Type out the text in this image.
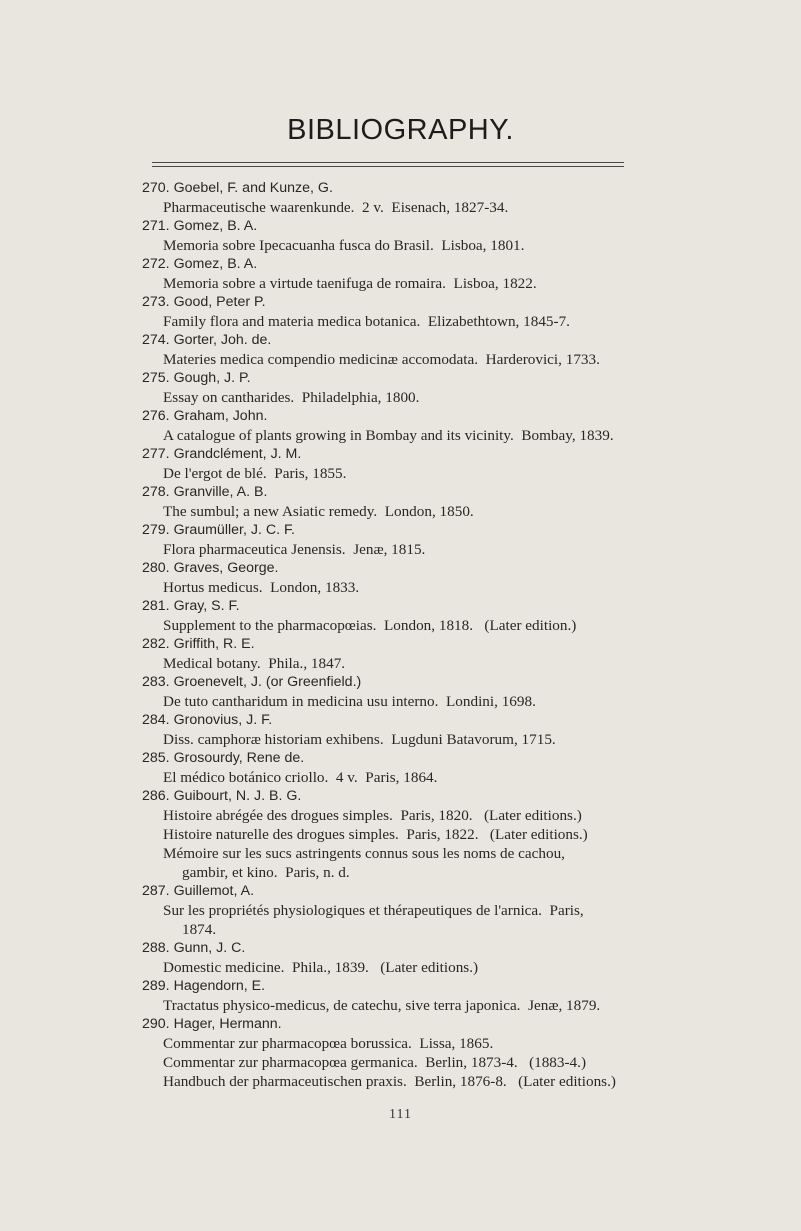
BIBLIOGRAPHY.
270. Goebel, F. and Kunze, G.
Pharmaceutische waarenkunde.  2 v.  Eisenach, 1827-34.
271. Gomez, B. A.
Memoria sobre Ipecacuanha fusca do Brasil.  Lisboa, 1801.
272. Gomez, B. A.
Memoria sobre a virtude taenifuga de romaira.  Lisboa, 1822.
273. Good, Peter P.
Family flora and materia medica botanica.  Elizabethtown, 1845-7.
274. Gorter, Joh. de.
Materies medica compendio medicinæ accomodata.  Harderovici, 1733.
275. Gough, J. P.
Essay on cantharides.  Philadelphia, 1800.
276. Graham, John.
A catalogue of plants growing in Bombay and its vicinity.  Bombay, 1839.
277. Grandclément, J. M.
De l'ergot de blé.  Paris, 1855.
278. Granville, A. B.
The sumbul; a new Asiatic remedy.  London, 1850.
279. Graumüller, J. C. F.
Flora pharmaceutica Jenensis.  Jenæ, 1815.
280. Graves, George.
Hortus medicus.  London, 1833.
281. Gray, S. F.
Supplement to the pharmacopœias.  London, 1818.   (Later edition.)
282. Griffith, R. E.
Medical botany.  Phila., 1847.
283. Groenevelt, J. (or Greenfield.)
De tuto cantharidum in medicina usu interno.  Londini, 1698.
284. Gronovius, J. F.
Diss. camphoræ historiam exhibens.  Lugduni Batavorum, 1715.
285. Grosourdy, Rene de.
El médico botánico criollo.  4 v.  Paris, 1864.
286. Guibourt, N. J. B. G.
Histoire abrégée des drogues simples.  Paris, 1820.   (Later editions.)
Histoire naturelle des drogues simples.  Paris, 1822.   (Later editions.)
Mémoire sur les sucs astringents connus sous les noms de cachou,
gambir, et kino.  Paris, n. d.
287. Guillemot, A.
Sur les propriétés physiologiques et thérapeutiques de l'arnica.  Paris,
1874.
288. Gunn, J. C.
Domestic medicine.  Phila., 1839.   (Later editions.)
289. Hagendorn, E.
Tractatus physico-medicus, de catechu, sive terra japonica.  Jenæ, 1879.
290. Hager, Hermann.
Commentar zur pharmacopœa borussica.  Lissa, 1865.
Commentar zur pharmacopœa germanica.  Berlin, 1873-4.   (1883-4.)
Handbuch der pharmaceutischen praxis.  Berlin, 1876-8.   (Later editions.)
111
